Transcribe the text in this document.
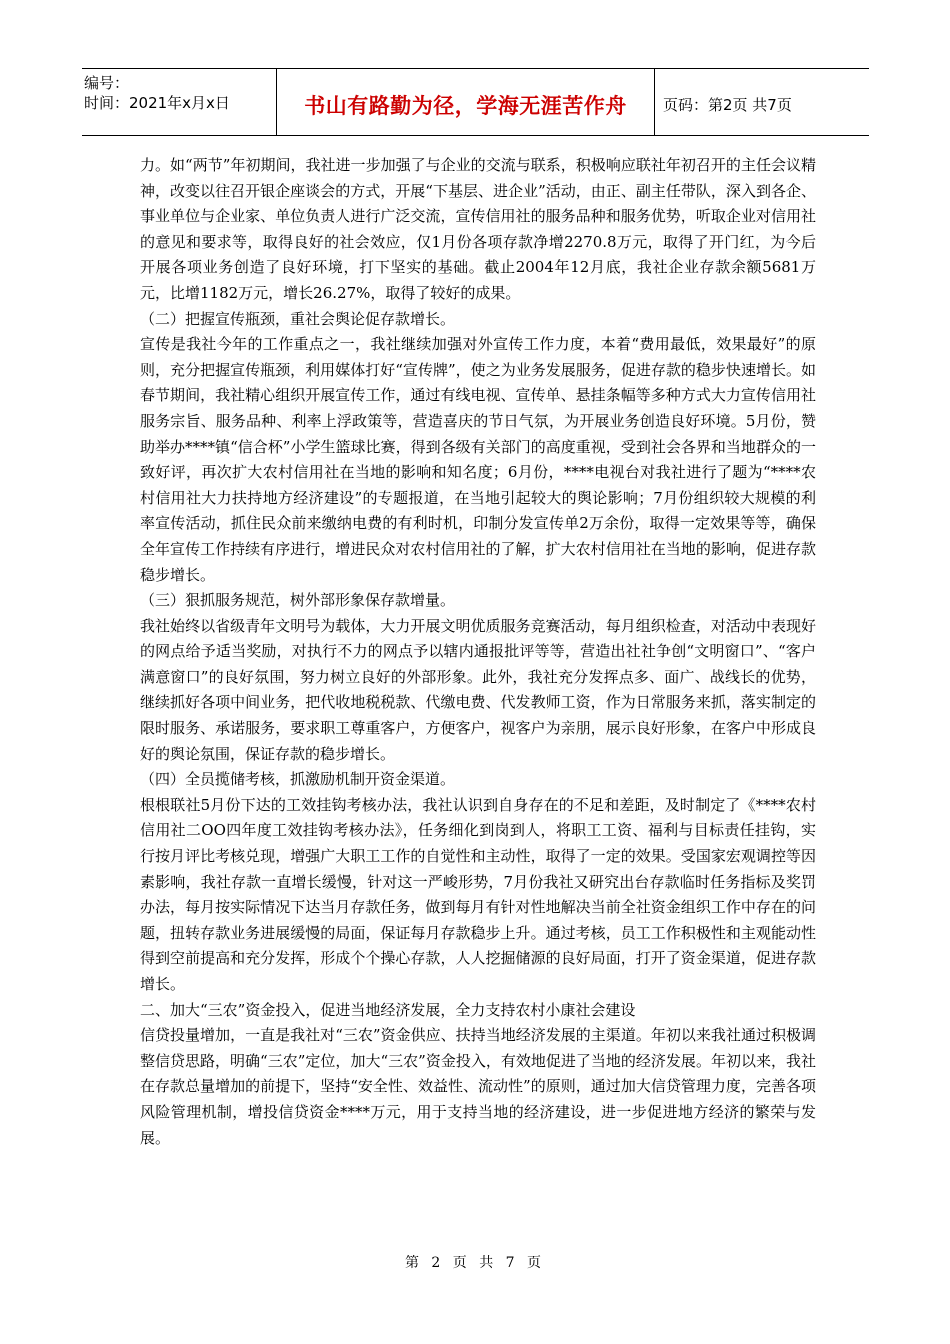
编号：
时间：2021年x月x日	书山有路勤为径，学海无涯苦作舟	页码：第2页 共7页

力。如“两节”年初期间，我社进一步加强了与企业的交流与联系，积极响应联社年初召开的主任会议精神，改变以往召开银企座谈会的方式，开展“下基层、进企业”活动，由正、副主任带队，深入到各企、事业单位与企业家、单位负责人进行广泛交流，宣传信用社的服务品种和服务优势，听取企业对信用社的意见和要求等，取得良好的社会效应，仅1月份各项存款净增2270.8万元，取得了开门红，为今后开展各项业务创造了良好环境，打下坚实的基础。截止2004年12月底，我社企业存款余额5681万元，比增1182万元，增长26.27%，取得了较好的成果。

（二）把握宣传瓶颈，重社会舆论促存款增长。

宣传是我社今年的工作重点之一，我社继续加强对外宣传工作力度，本着“费用最低，效果最好”的原则，充分把握宣传瓶颈，利用媒体打好“宣传牌”，使之为业务发展服务，促进存款的稳步快速增长。如春节期间，我社精心组织开展宣传工作，通过有线电视、宣传单、悬挂条幅等多种方式大力宣传信用社服务宗旨、服务品种、利率上浮政策等，营造喜庆的节日气氛，为开展业务创造良好环境。5月份，赞助举办****镇“信合杯”小学生篮球比赛，得到各级有关部门的高度重视，受到社会各界和当地群众的一致好评，再次扩大农村信用社在当地的影响和知名度；6月份，****电视台对我社进行了题为“****农村信用社大力扶持地方经济建设”的专题报道，在当地引起较大的舆论影响；7月份组织较大规模的利率宣传活动，抓住民众前来缴纳电费的有利时机，印制分发宣传单2万余份，取得一定效果等等，确保全年宣传工作持续有序进行，增进民众对农村信用社的了解，扩大农村信用社在当地的影响，促进存款稳步增长。

（三）狠抓服务规范，树外部形象保存款增量。

我社始终以省级青年文明号为载体，大力开展文明优质服务竞赛活动，每月组织检查，对活动中表现好的网点给予适当奖励，对执行不力的网点予以辖内通报批评等等，营造出社社争创“文明窗口”、“客户满意窗口”的良好氛围，努力树立良好的外部形象。此外，我社充分发挥点多、面广、战线长的优势，继续抓好各项中间业务，把代收地税税款、代缴电费、代发教师工资，作为日常服务来抓，落实制定的限时服务、承诺服务，要求职工尊重客户，方便客户，视客户为亲朋，展示良好形象，在客户中形成良好的舆论氛围，保证存款的稳步增长。

（四）全员揽储考核，抓激励机制开资金渠道。

根根联社5月份下达的工效挂钩考核办法，我社认识到自身存在的不足和差距，及时制定了《****农村信用社二OO四年度工效挂钩考核办法》，任务细化到岗到人，将职工工资、福利与目标责任挂钩，实行按月评比考核兑现，增强广大职工工作的自觉性和主动性，取得了一定的效果。受国家宏观调控等因素影响，我社存款一直增长缓慢，针对这一严峻形势，7月份我社又研究出台存款临时任务指标及奖罚办法，每月按实际情况下达当月存款任务，做到每月有针对性地解决当前全社资金组织工作中存在的问题，扭转存款业务进展缓慢的局面，保证每月存款稳步上升。通过考核，员工工作积极性和主观能动性得到空前提高和充分发挥，形成个个操心存款，人人挖掘储源的良好局面，打开了资金渠道，促进存款增长。

二、加大“三农”资金投入，促进当地经济发展，全力支持农村小康社会建设

信贷投量增加，一直是我社对“三农”资金供应、扶持当地经济发展的主渠道。年初以来我社通过积极调整信贷思路，明确“三农”定位，加大“三农”资金投入，有效地促进了当地的经济发展。年初以来，我社在存款总量增加的前提下，坚持“安全性、效益性、流动性”的原则，通过加大信贷管理力度，完善各项风险管理机制，增投信贷资金****万元，用于支持当地的经济建设，进一步促进地方经济的繁荣与发展。

第 2 页 共 7 页
